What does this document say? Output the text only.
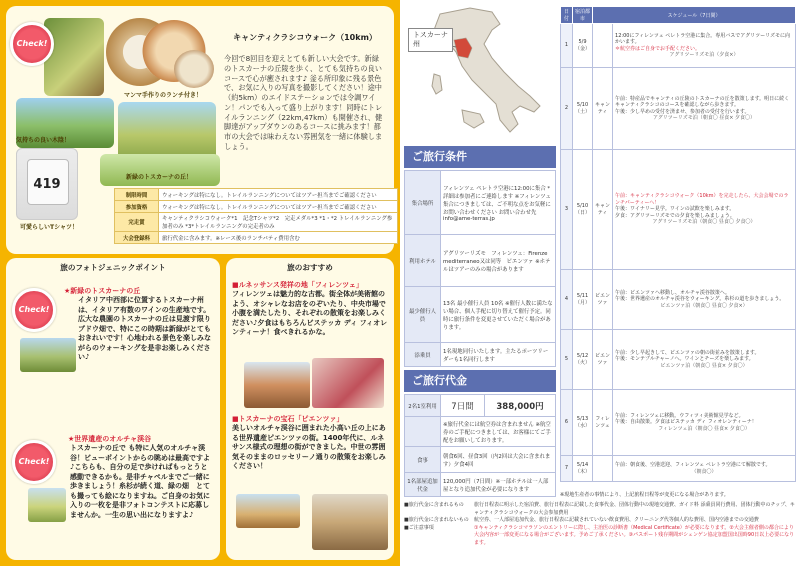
419
Check!
気持ちの良い木陰！
マンマ手作りのランチ付き！
可愛らしいTシャツ！
新緑のトスカーナの丘！
キャンティクラシコウォーク（10km）
今回で8回目を迎えとても新しい大会です。新緑のトスカーナの丘陵を歩く、とても気持ちの良いコースで心が癒されます♪ 釜る所印象に残る景色で、お気に入りの写真を撮影してください！途中（約5km）のエイドステーションでは令調ワイン！パンでも入って盛り上がります！同時にトレイルランニング（22km,47km）も開催され、健脚達がアップダウンのあるコースに挑みます！都市の大会では味わえない雰囲気を一緒に体験しましょう。
制限時間	ウォーキングは特になし。トレイルランニングについてはツアー担当までご確認ください
参加資格	ウォーキングは特になし。トレイルランニングについてはツアー担当までご確認ください
完走賞	キャンティクラシコウォーク*1　記念Tシャツ*2　完走メダル*3 *1・*2 トレイルランニング参加者のみ *3*トレイルランニングの完走者のみ
大会登録料	旅行代金に含みます。※レース後のランチバティ費用含む
旅のフォトジェニックポイント
Check!
★新緑のトスカーナの丘
イタリア中西部に位置するトスカーナ州は、イタリア有数のワインの生産地です。広大な農園のトスカーナの丘は見渡す限りブドウ畑で、特にこの時期は新緑がとてもおきれいです！心地われる景色を楽しみながらのウォーキングを是非お楽しみください♪
Check!
★世界遺産のオルチャ渓谷
トスカーナの丘で も特に人気のオルチャ渓谷！ビューポイントからの眺めは最高ですよ♪こちらも、自分の足で歩ければもっとうと感動できるかも。是非チャペルまでご一緒に歩きましょう！糸杉が続く道、緑の畑　とても撮っても絵になりますね。ご自身のお気に入りの一枚を是非フォトコンテストに応募しませんか。一生の思い出になりますよ♪
旅のおすすめ
■ルネッサンス発祥の地「フィレンツェ」
フィレンツェは魅力的な古都。街全体が美術館のよう、オシャレなお店をのぞいたり、中央市場で小腹を満たしたり、それぞれの散策をお楽しみください♪夕食はもちろんビステッカ ディ フィオレンティーナ！食べきれるかな。
■トスカーナの宝石「ピエンツァ」
美しいオルチャ渓谷に囲まれた小高い丘の上にある世界遺産ピエンツァの街。1400年代に、ルネサンス様式の理想の街ができました。中世の雰囲気そのままのロッセリーノ通りの散策をお楽しみください！
トスカーナ
州
ご旅行条件
集合場所	フィレンツェ ペレトラ空港に12:00に集合 *詳細は参加者にご連絡します ※フィレンツェ集合につきましては、ご不明な点をお気軽にお問い合わせください お問い合わせ先 info@ame-terras.jp
利用ホテル	アグリツーリズモ　フィレンツェ：Firenze mediterraneo又は同等　ピエンツァ ※ホテルはツアーのみの場合があります
最少催行人員	13名 最小催行人員 10名 ※催行人数に満たない場合、個人手配に切り替えて催行予定。同時に旅行条件を変更させていただく場合があります。
添乗員	1名現地同行いたします。主たるポーツリーダーも1名同行します
ご旅行代金
2名1室利用	7日間	388,000円
	※旅行代金には航空券は含まれません ※航空券のご手配につきましては、お客様にてご手配をお願いしております。	
食事	朝食6回、昼食3回（内2回は大会に含まれます）夕食4回	
1名部屋追加代金	120,000円（7日間）※一部ホテルは一人部屋となり追加代金が必要になります	
日付	宿泊都市	スケジュール（7日間）	
1	5/9（金）		12:00にフィレンツェ ペレトラ空港に集合。専用バスでアグリツーリズモに向かいます。
＊航空券はご自身でお手配ください。
アグリツーリズモ泊（夕食×）

2	5/10（土）	キャンティ	午前：特産品でキャンティの丘陵のトスカーナの丘を散策します。明日に続くキャンティクラシコのコースを確認しながら歩きます。
午後：少し早めの受付を済ませ、参加者の受付を行います。
アグリツーリズモ泊（朝食〇 昼食× 夕食〇）

3	5/10（日）	キャンティ	午前：キャンティクラシコウォーク（10km）を完走したら、大会会場でのランチパーティーへ！
午後：ワイナリー見学。ワインの試飲を楽しみます。
夕食：アグリツーリズモでの夕食を楽しみましょう。
アグリツーリズモ泊（朝食〇 昼食〇 夕食〇）

4	5/11（月）	ピエンツァ	午前：ピエンツァへ移動し、オルチャ渓谷散策へ。
午後：世界遺産のオルチャ渓谷をウォーキング。糸杉の道を歩きましょう。
ピエンツァ泊（朝食〇 昼食〇 夕食×）

5	5/12（火）	ピエンツァ	午前：少し早起きして、ピエンツァの朝の街並みを散策します。
午後：モンテプルチャーノへ。ワインとチーズを楽しみます。
ピエンツァ泊（朝食〇 昼食× 夕食〇）

6	5/13（水）	フィレンツェ	午前：フィレンツェに移動。ウフィツィ美術館見学など。
午後：自由散策。夕食はビステッカ ディ フィオレンティーナ！
フィレンツェ泊（朝食〇 昼食× 夕食〇）

7	5/14（木）		午前：朝食後、空港送迎、フィレンツェ ペレトラ空港にて解散です。
（朝食〇）
※現地生産者の事情により、上記旅程日程等が変更になる場合があります。
■旅行代金に含まれるもの	旅行日程表に明示した宿泊費、旅行日程表に記載した食事代金、団体行動中の現地交通費、ガイド料 添乗員同行費用、団体行動中のチップ、キャンティクラシコウォークの大会参加費用
■旅行代金に含まれないもの	航空券、一人部屋追加代金、旅行日程表に記載されていない飲食費用、クリーニング代等個人的な費用、国内空港までの交通費
■ご注意事項	①キャンティクラシコマラソンのエントリーに際し、主治医の診断書（Medical Certificate）が必要になります。②大会主催者側の都合により大会内容が一部変更になる場合がございます。予めご了承ください。③パスポート残存期間がシェンゲン協定加盟国出国時90日以上必要になります。
